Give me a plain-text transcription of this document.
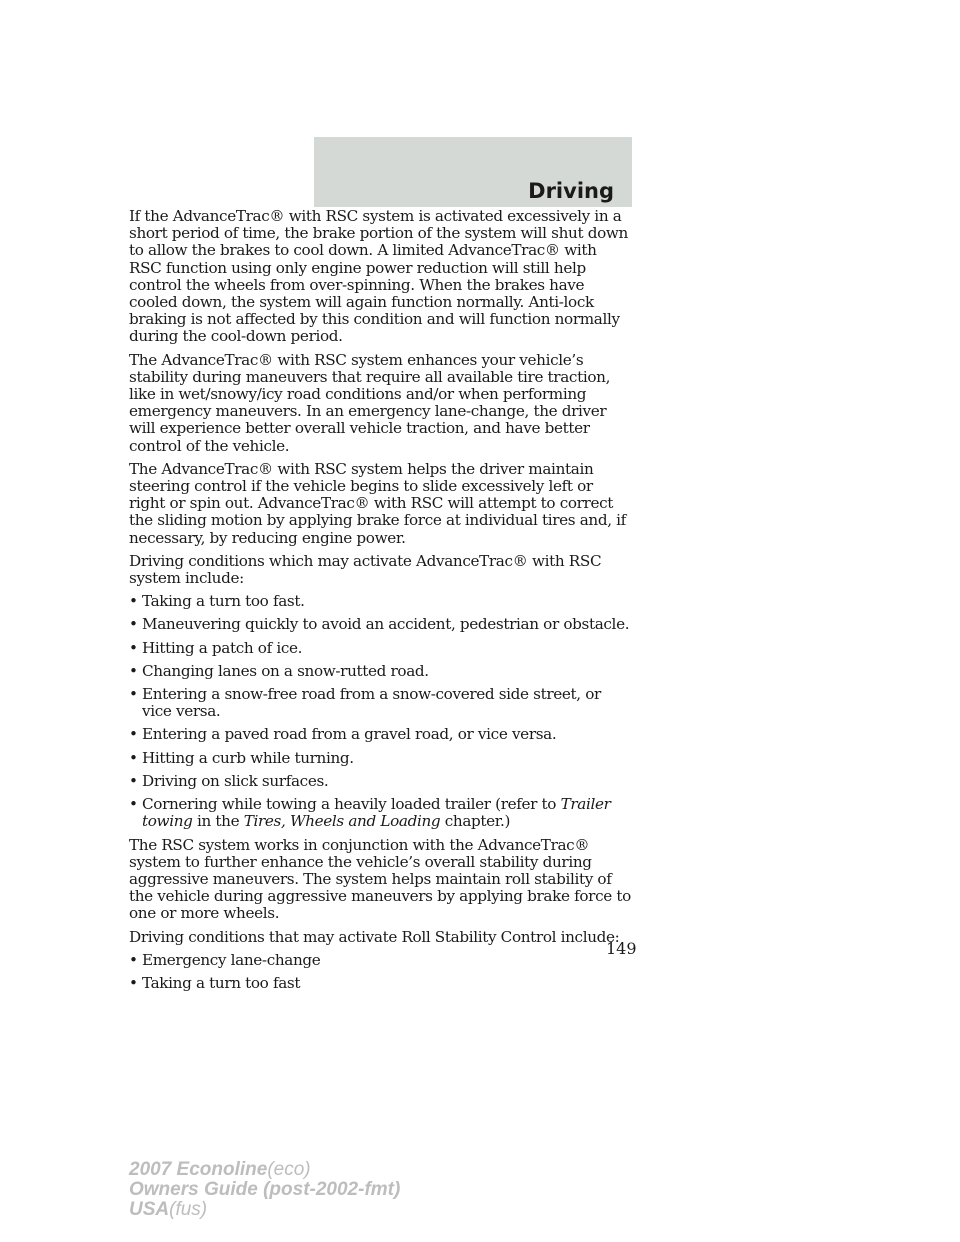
Driving

If the AdvanceTrac® with RSC system is activated excessively in a short period of time, the brake portion of the system will shut down to allow the brakes to cool down. A limited AdvanceTrac® with RSC function using only engine power reduction will still help control the wheels from over-spinning. When the brakes have cooled down, the system will again function normally. Anti-lock braking is not affected by this condition and will function normally during the cool-down period.

The AdvanceTrac® with RSC system enhances your vehicle’s stability during maneuvers that require all available tire traction, like in wet/snowy/icy road conditions and/or when performing emergency maneuvers. In an emergency lane-change, the driver will experience better overall vehicle traction, and have better control of the vehicle.

The AdvanceTrac® with RSC system helps the driver maintain steering control if the vehicle begins to slide excessively left or right or spin out. AdvanceTrac® with RSC will attempt to correct the sliding motion by applying brake force at individual tires and, if necessary, by reducing engine power.

Driving conditions which may activate AdvanceTrac® with RSC system include:

• Taking a turn too fast.
• Maneuvering quickly to avoid an accident, pedestrian or obstacle.
• Hitting a patch of ice.
• Changing lanes on a snow-rutted road.
• Entering a snow-free road from a snow-covered side street, or vice versa.
• Entering a paved road from a gravel road, or vice versa.
• Hitting a curb while turning.
• Driving on slick surfaces.
• Cornering while towing a heavily loaded trailer (refer to Trailer towing in the Tires, Wheels and Loading chapter.)

The RSC system works in conjunction with the AdvanceTrac® system to further enhance the vehicle’s overall stability during aggressive maneuvers. The system helps maintain roll stability of the vehicle during aggressive maneuvers by applying brake force to one or more wheels.

Driving conditions that may activate Roll Stability Control include:

• Emergency lane-change
• Taking a turn too fast
149
2007 Econoline(eco)
Owners Guide (post-2002-fmt)
USA(fus)
